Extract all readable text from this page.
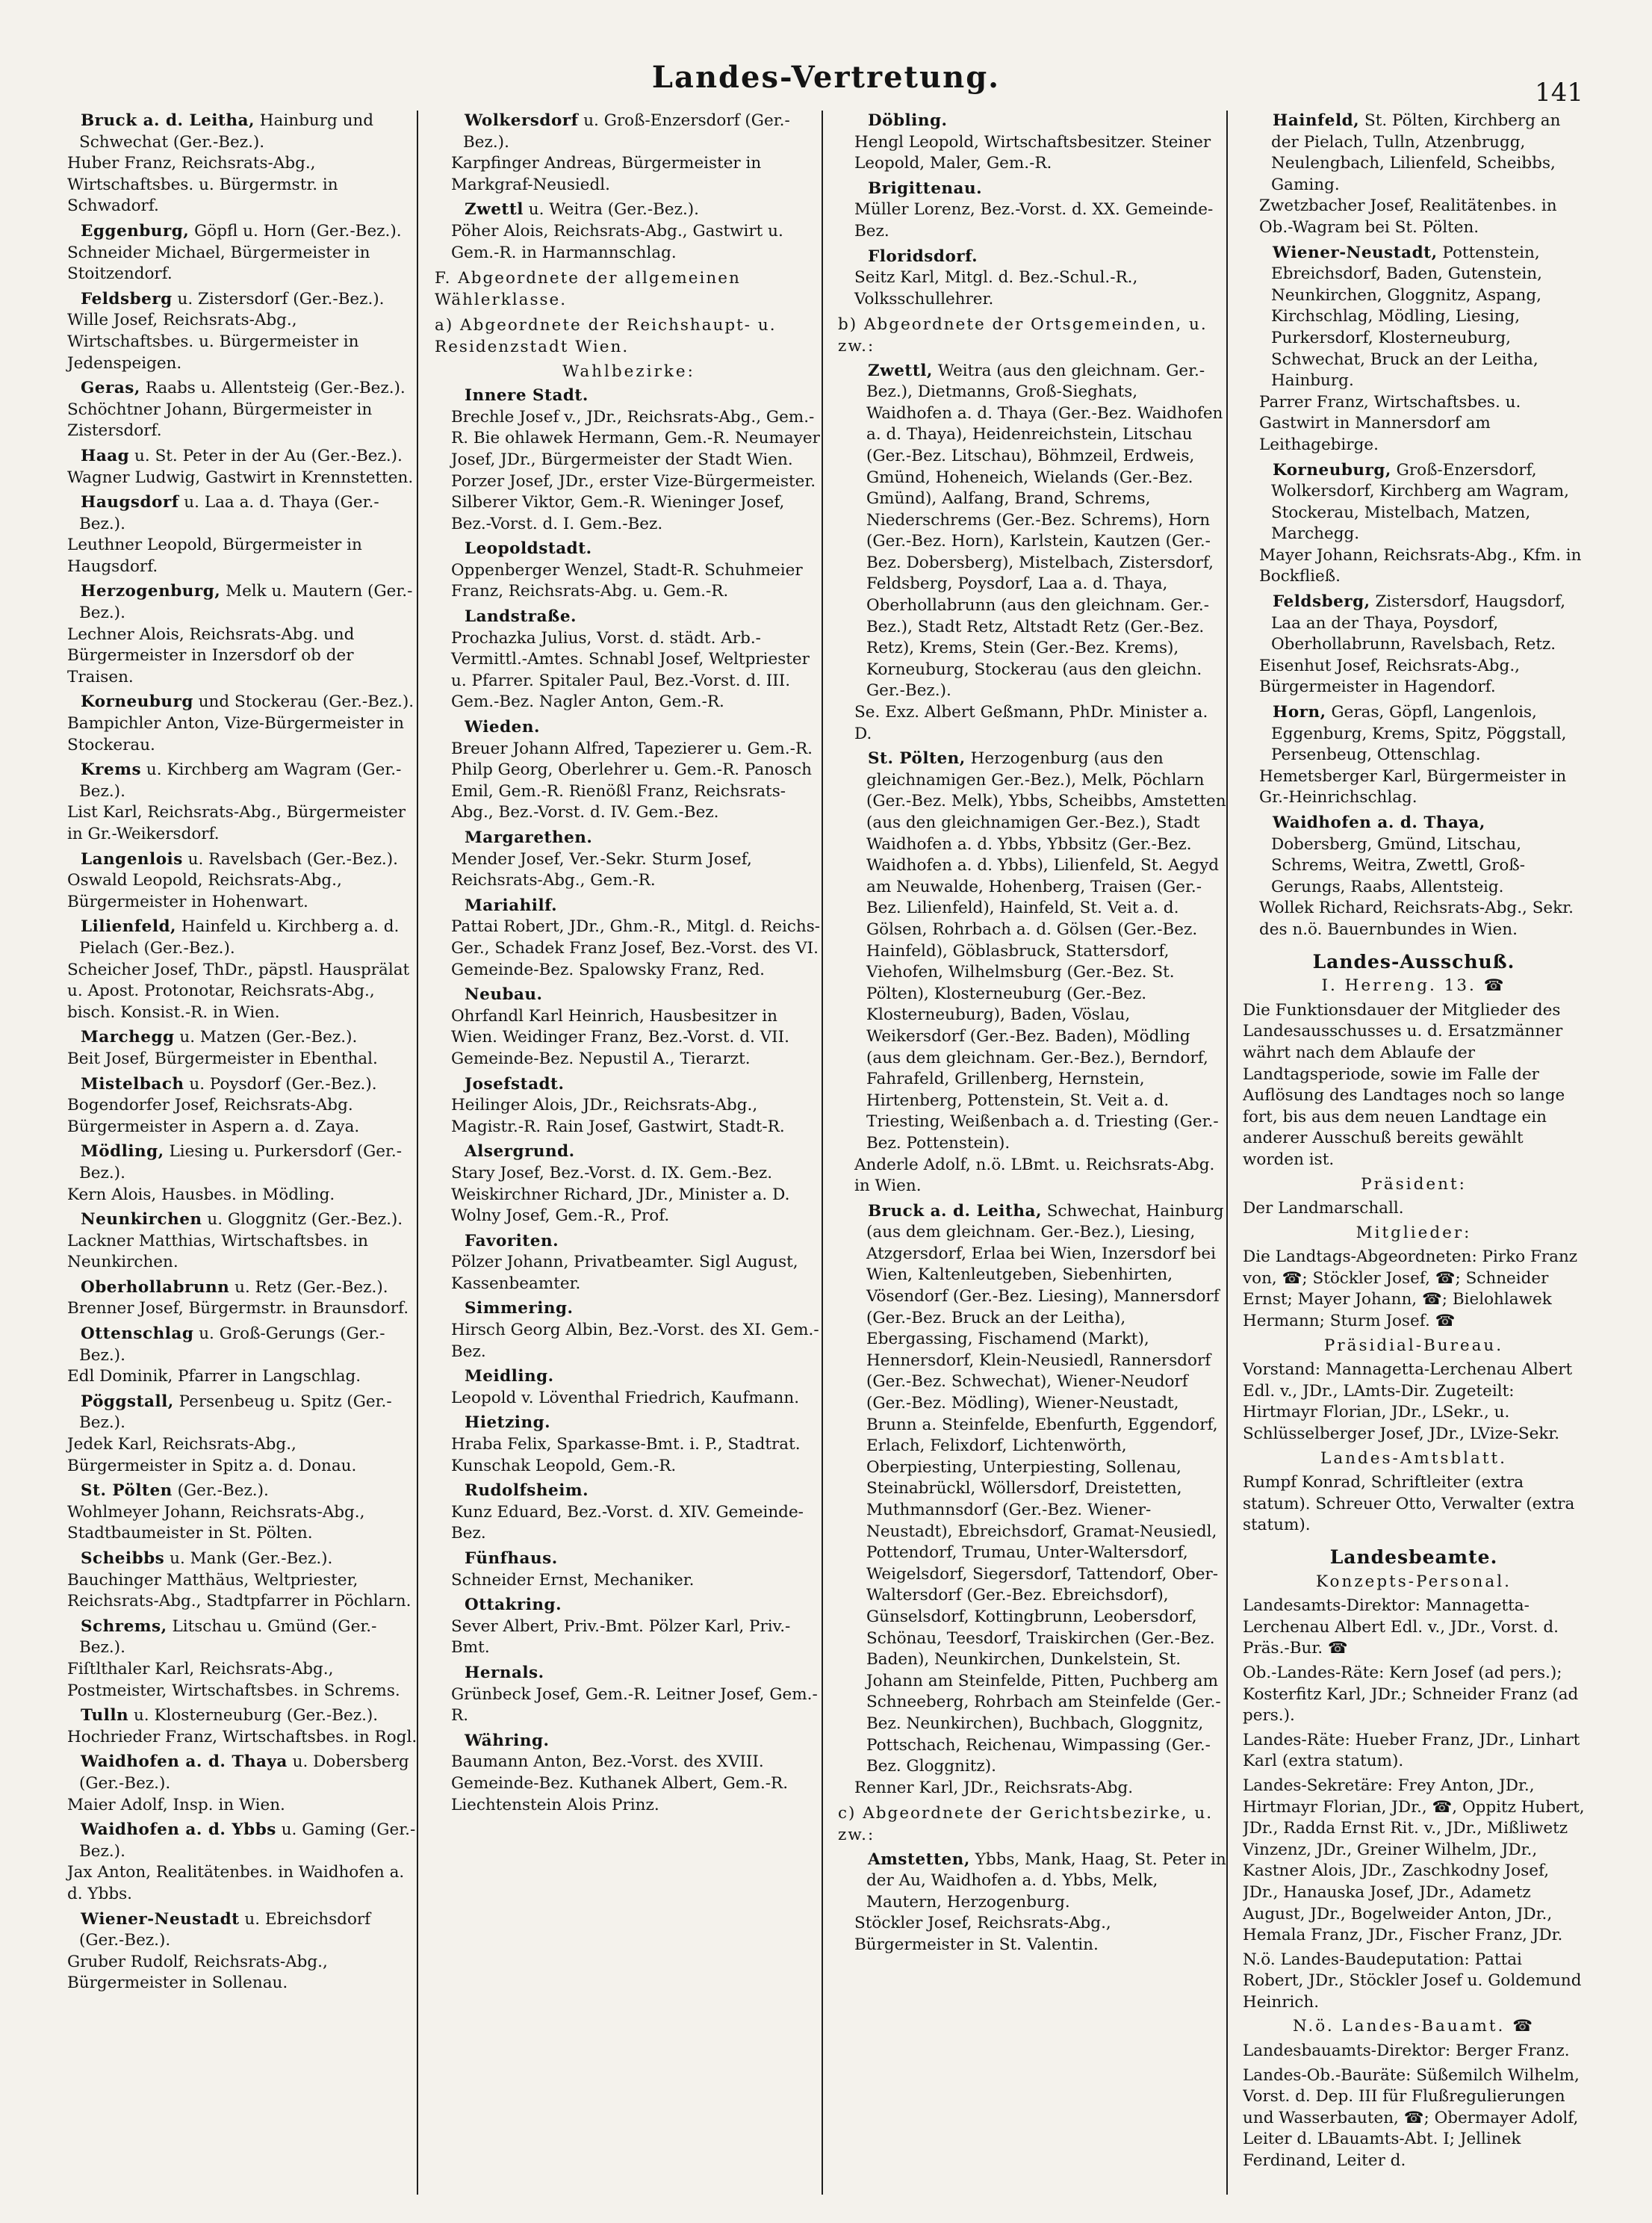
Landes-Vertretung.	141
Bruck a. d. Leitha, Hainburg und Schwechat (Ger.-Bez.).
Huber Franz, Reichsrats-Abg., Wirtschaftsbes. u. Bürgermstr. in Schwadorf.
Eggenburg, Göpfl u. Horn (Ger.-Bez.).
Schneider Michael, Bürgermeister in Stoitzendorf.
Feldsberg u. Zistersdorf (Ger.-Bez.).
Wille Josef, Reichsrats-Abg., Wirtschaftsbes. u. Bürgermeister in Jedenspeigen.
Geras, Raabs u. Allentsteig (Ger.-Bez.).
Schöchtner Johann, Bürgermeister in Zistersdorf.
Haag u. St. Peter in der Au (Ger.-Bez.).
Wagner Ludwig, Gastwirt in Krennstetten.
Haugsdorf u. Laa a. d. Thaya (Ger.-Bez.).
Leuthner Leopold, Bürgermeister in Haugsdorf.
Herzogenburg, Melk u. Mautern (Ger.-Bez.).
Lechner Alois, Reichsrats-Abg. und Bürgermeister in Inzersdorf ob der Traisen.
Korneuburg und Stockerau (Ger.-Bez.).
Bampichler Anton, Vize-Bürgermeister in Stockerau.
Krems u. Kirchberg am Wagram (Ger.-Bez.).
List Karl, Reichsrats-Abg., Bürgermeister in Gr.-Weikersdorf.
Langenlois u. Ravelsbach (Ger.-Bez.).
Oswald Leopold, Reichsrats-Abg., Bürgermeister in Hohenwart.
Lilienfeld, Hainfeld u. Kirchberg a. d. Pielach (Ger.-Bez.).
Scheicher Josef, ThDr., päpstl. Hausprälat u. Apost. Protonotar, Reichsrats-Abg., bisch. Konsist.-R. in Wien.
Marchegg u. Matzen (Ger.-Bez.).
Beit Josef, Bürgermeister in Ebenthal.
Mistelbach u. Poysdorf (Ger.-Bez.).
Bogendorfer Josef, Reichsrats-Abg. Bürgermeister in Aspern a. d. Zaya.
Mödling, Liesing u. Purkersdorf (Ger.-Bez.).
Kern Alois, Hausbes. in Mödling.
Neunkirchen u. Gloggnitz (Ger.-Bez.).
Lackner Matthias, Wirtschaftsbes. in Neunkirchen.
Oberhollabrunn u. Retz (Ger.-Bez.).
Brenner Josef, Bürgermstr. in Braunsdorf.
Ottenschlag u. Groß-Gerungs (Ger.-Bez.).
Edl Dominik, Pfarrer in Langschlag.
Pöggstall, Persenbeug u. Spitz (Ger.-Bez.).
Jedek Karl, Reichsrats-Abg., Bürgermeister in Spitz a. d. Donau.
St. Pölten (Ger.-Bez.).
Wohlmeyer Johann, Reichsrats-Abg., Stadtbaumeister in St. Pölten.
Scheibbs u. Mank (Ger.-Bez.).
Bauchinger Matthäus, Weltpriester, Reichsrats-Abg., Stadtpfarrer in Pöchlarn.
Schrems, Litschau u. Gmünd (Ger.-Bez.).
Fiſtlthaler Karl, Reichsrats-Abg., Postmeister, Wirtschaftsbes. in Schrems.
Tulln u. Klosterneuburg (Ger.-Bez.).
Hochrieder Franz, Wirtschaftsbes. in Rogl.
Waidhofen a. d. Thaya u. Dobersberg (Ger.-Bez.).
Maier Adolf, Insp. in Wien.
Waidhofen a. d. Ybbs u. Gaming (Ger.-Bez.).
Jax Anton, Realitätenbes. in Waidhofen a. d. Ybbs.
Wiener-Neustadt u. Ebreichsdorf (Ger.-Bez.).
Gruber Rudolf, Reichsrats-Abg., Bürgermeister in Sollenau.
Wolkersdorf u. Groß-Enzersdorf (Ger.-Bez.).
Karpfinger Andreas, Bürgermeister in Markgraf-Neusiedl.
Zwettl u. Weitra (Ger.-Bez.).
Pöher Alois, Reichsrats-Abg., Gastwirt u. Gem.-R. in Harmannschlag.
F. Abgeordnete der allgemeinen Wählerklasse.
a) Abgeordnete der Reichshaupt- u. Residenzstadt Wien.
Wahlbezirke:
Innere Stadt.
Brechle Josef v., JDr., Reichsrats-Abg., Gem.-R. Bie ohlawek Hermann, Gem.-R. Neumayer Josef, JDr., Bürgermeister der Stadt Wien. Porzer Josef, JDr., erster Vize-Bürgermeister. Silberer Viktor, Gem.-R. Wieninger Josef, Bez.-Vorst. d. I. Gem.-Bez.
Leopoldstadt.
Oppenberger Wenzel, Stadt-R. Schuhmeier Franz, Reichsrats-Abg. u. Gem.-R.
Landstraße.
Prochazka Julius, Vorst. d. städt. Arb.-Vermittl.-Amtes. Schnabl Josef, Weltpriester u. Pfarrer. Spitaler Paul, Bez.-Vorst. d. III. Gem.-Bez. Nagler Anton, Gem.-R.
Wieden.
Breuer Johann Alfred, Tapezierer u. Gem.-R. Philp Georg, Oberlehrer u. Gem.-R. Panosch Emil, Gem.-R. Rienößl Franz, Reichsrats-Abg., Bez.-Vorst. d. IV. Gem.-Bez.
Margarethen.
Mender Josef, Ver.-Sekr. Sturm Josef, Reichsrats-Abg., Gem.-R.
Mariahilf.
Pattai Robert, JDr., Ghm.-R., Mitgl. d. Reichs-Ger., Schadek Franz Josef, Bez.-Vorst. des VI. Gemeinde-Bez. Spalowsky Franz, Red.
Neubau.
Ohrfandl Karl Heinrich, Hausbesitzer in Wien. Weidinger Franz, Bez.-Vorst. d. VII. Gemeinde-Bez. Nepustil A., Tierarzt.
Josefstadt.
Heilinger Alois, JDr., Reichsrats-Abg., Magistr.-R. Rain Josef, Gastwirt, Stadt-R.
Alsergrund.
Stary Josef, Bez.-Vorst. d. IX. Gem.-Bez. Weiskirchner Richard, JDr., Minister a. D. Wolny Josef, Gem.-R., Prof.
Favoriten.
Pölzer Johann, Privatbeamter. Sigl August, Kassenbeamter.
Simmering.
Hirsch Georg Albin, Bez.-Vorst. des XI. Gem.-Bez.
Meidling.
Leopold v. Löventhal Friedrich, Kaufmann.
Hietzing.
Hraba Felix, Sparkasse-Bmt. i. P., Stadtrat. Kunschak Leopold, Gem.-R.
Rudolfsheim.
Kunz Eduard, Bez.-Vorst. d. XIV. Gemeinde-Bez.
Fünfhaus.
Schneider Ernst, Mechaniker.
Ottakring.
Sever Albert, Priv.-Bmt. Pölzer Karl, Priv.-Bmt.
Hernals.
Grünbeck Josef, Gem.-R. Leitner Josef, Gem.-R.
Währing.
Baumann Anton, Bez.-Vorst. des XVIII. Gemeinde-Bez. Kuthanek Albert, Gem.-R. Liechtenstein Alois Prinz.
Döbling.
Hengl Leopold, Wirtschaftsbesitzer. Steiner Leopold, Maler, Gem.-R.
Brigittenau.
Müller Lorenz, Bez.-Vorst. d. XX. Gemeinde-Bez.
Floridsdorf.
Seitz Karl, Mitgl. d. Bez.-Schul.-R., Volksschullehrer.
b) Abgeordnete der Ortsgemeinden, u. zw.:
Zwettl, Weitra (aus den gleichnam. Ger.-Bez.), Dietmanns, Groß-Sieghats, Waidhofen a. d. Thaya (Ger.-Bez. Waidhofen a. d. Thaya), Heidenreichstein, Litschau (Ger.-Bez. Litschau), Böhmzeil, Erdweis, Gmünd, Hoheneich, Wielands (Ger.-Bez. Gmünd), Aalfang, Brand, Schrems, Niederschrems (Ger.-Bez. Schrems), Horn (Ger.-Bez. Horn), Karlstein, Kautzen (Ger.-Bez. Dobersberg), Mistelbach, Zistersdorf, Feldsberg, Poysdorf, Laa a. d. Thaya, Oberhollabrunn (aus den gleichnam. Ger.-Bez.), Stadt Retz, Altstadt Retz (Ger.-Bez. Retz), Krems, Stein (Ger.-Bez. Krems), Korneuburg, Stockerau (aus den gleichn. Ger.-Bez.).
Se. Exz. Albert Geßmann, PhDr. Minister a. D.
St. Pölten, Herzogenburg (aus den gleichnamigen Ger.-Bez.), Melk, Pöchlarn (Ger.-Bez. Melk), Ybbs, Scheibbs, Amstetten (aus den gleichnamigen Ger.-Bez.), Stadt Waidhofen a. d. Ybbs, Ybbsitz (Ger.-Bez. Waidhofen a. d. Ybbs), Lilienfeld, St. Aegyd am Neuwalde, Hohenberg, Traisen (Ger.-Bez. Lilienfeld), Hainfeld, St. Veit a. d. Gölsen, Rohrbach a. d. Gölsen (Ger.-Bez. Hainfeld), Göblasbruck, Stattersdorf, Viehofen, Wilhelmsburg (Ger.-Bez. St. Pölten), Klosterneuburg (Ger.-Bez. Klosterneuburg), Baden, Vöslau, Weikersdorf (Ger.-Bez. Baden), Mödling (aus dem gleichnam. Ger.-Bez.), Berndorf, Fahrafeld, Grillenberg, Hernstein, Hirtenberg, Pottenstein, St. Veit a. d. Triesting, Weißenbach a. d. Triesting (Ger.-Bez. Pottenstein).
Anderle Adolf, n.ö. LBmt. u. Reichsrats-Abg. in Wien.
Bruck a. d. Leitha, Schwechat, Hainburg (aus dem gleichnam. Ger.-Bez.), Liesing, Atzgersdorf, Erlaa bei Wien, Inzersdorf bei Wien, Kaltenleutgeben, Siebenhirten, Vösendorf (Ger.-Bez. Liesing), Mannersdorf (Ger.-Bez. Bruck an der Leitha), Ebergassing, Fischamend (Markt), Hennersdorf, Klein-Neusiedl, Rannersdorf (Ger.-Bez. Schwechat), Wiener-Neudorf (Ger.-Bez. Mödling), Wiener-Neustadt, Brunn a. Steinfelde, Ebenfurth, Eggendorf, Erlach, Felixdorf, Lichtenwörth, Oberpiesting, Unterpiesting, Sollenau, Steinabrückl, Wöllersdorf, Dreistetten, Muthmannsdorf (Ger.-Bez. Wiener-Neustadt), Ebreichsdorf, Gramat-Neusiedl, Pottendorf, Trumau, Unter-Waltersdorf, Weigelsdorf, Siegersdorf, Tattendorf, Ober-Waltersdorf (Ger.-Bez. Ebreichsdorf), Günselsdorf, Kottingbrunn, Leobersdorf, Schönau, Teesdorf, Traiskirchen (Ger.-Bez. Baden), Neunkirchen, Dunkelstein, St. Johann am Steinfelde, Pitten, Puchberg am Schneeberg, Rohrbach am Steinfelde (Ger.-Bez. Neunkirchen), Buchbach, Gloggnitz, Pottschach, Reichenau, Wimpassing (Ger.-Bez. Gloggnitz).
Renner Karl, JDr., Reichsrats-Abg.
c) Abgeordnete der Gerichtsbezirke, u. zw.:
Amstetten, Ybbs, Mank, Haag, St. Peter in der Au, Waidhofen a. d. Ybbs, Melk, Mautern, Herzogenburg.
Stöckler Josef, Reichsrats-Abg., Bürgermeister in St. Valentin.
Hainfeld, St. Pölten, Kirchberg an der Pielach, Tulln, Atzenbrugg, Neulengbach, Lilienfeld, Scheibbs, Gaming.
Zwetzbacher Josef, Realitätenbes. in Ob.-Wagram bei St. Pölten.
Wiener-Neustadt, Pottenstein, Ebreichsdorf, Baden, Gutenstein, Neunkirchen, Gloggnitz, Aspang, Kirchschlag, Mödling, Liesing, Purkersdorf, Klosterneuburg, Schwechat, Bruck an der Leitha, Hainburg.
Parrer Franz, Wirtschaftsbes. u. Gastwirt in Mannersdorf am Leithagebirge.
Korneuburg, Groß-Enzersdorf, Wolkersdorf, Kirchberg am Wagram, Stockerau, Mistelbach, Matzen, Marchegg.
Mayer Johann, Reichsrats-Abg., Kfm. in Bockfließ.
Feldsberg, Zistersdorf, Haugsdorf, Laa an der Thaya, Poysdorf, Oberhollabrunn, Ravelsbach, Retz.
Eisenhut Josef, Reichsrats-Abg., Bürgermeister in Hagendorf.
Horn, Geras, Göpfl, Langenlois, Eggenburg, Krems, Spitz, Pöggstall, Persenbeug, Ottenschlag.
Hemetsberger Karl, Bürgermeister in Gr.-Heinrichschlag.
Waidhofen a. d. Thaya, Dobersberg, Gmünd, Litschau, Schrems, Weitra, Zwettl, Groß-Gerungs, Raabs, Allentsteig.
Wollek Richard, Reichsrats-Abg., Sekr. des n.ö. Bauernbundes in Wien.
Landes-Ausschuß.
I. Herreng. 13. ☎
Die Funktionsdauer der Mitglieder des Landesausschusses u. d. Ersatzmänner währt nach dem Ablaufe der Landtagsperiode, sowie im Falle der Auflösung des Landtages noch so lange fort, bis aus dem neuen Landtage ein anderer Ausschuß bereits gewählt worden ist.
Präsident:
Der Landmarschall.
Mitglieder:
Die Landtags-Abgeordneten: Pirko Franz von, ☎; Stöckler Josef, ☎; Schneider Ernst; Mayer Johann, ☎; Bielohlawek Hermann; Sturm Josef. ☎
Präsidial-Bureau.
Vorstand: Mannagetta-Lerchenau Albert Edl. v., JDr., LAmts-Dir. Zugeteilt: Hirtmayr Florian, JDr., LSekr., u. Schlüsselberger Josef, JDr., LVize-Sekr.
Landes-Amtsblatt.
Rumpf Konrad, Schriftleiter (extra statum). Schreuer Otto, Verwalter (extra statum).
Landesbeamte.
Konzepts-Personal.
Landesamts-Direktor: Mannagetta-Lerchenau Albert Edl. v., JDr., Vorst. d. Präs.-Bur. ☎
Ob.-Landes-Räte: Kern Josef (ad pers.); Kosterfitz Karl, JDr.; Schneider Franz (ad pers.).
Landes-Räte: Hueber Franz, JDr., Linhart Karl (extra statum).
Landes-Sekretäre: Frey Anton, JDr., Hirtmayr Florian, JDr., ☎, Oppitz Hubert, JDr., Radda Ernst Rit. v., JDr., Mißliwetz Vinzenz, JDr., Greiner Wilhelm, JDr., Kastner Alois, JDr., Zaschkodny Josef, JDr., Hanauska Josef, JDr., Adametz August, JDr., Bogelweider Anton, JDr., Hemala Franz, JDr., Fischer Franz, JDr.
N.ö. Landes-Baudeputation: Pattai Robert, JDr., Stöckler Josef u. Goldemund Heinrich.
N.ö. Landes-Bauamt. ☎
Landesbauamts-Direktor: Berger Franz.
Landes-Ob.-Bauräte: Süßemilch Wilhelm, Vorst. d. Dep. III für Flußregulierungen und Wasserbauten, ☎; Obermayer Adolf, Leiter d. LBauamts-Abt. I; Jellinek Ferdinand, Leiter d.
